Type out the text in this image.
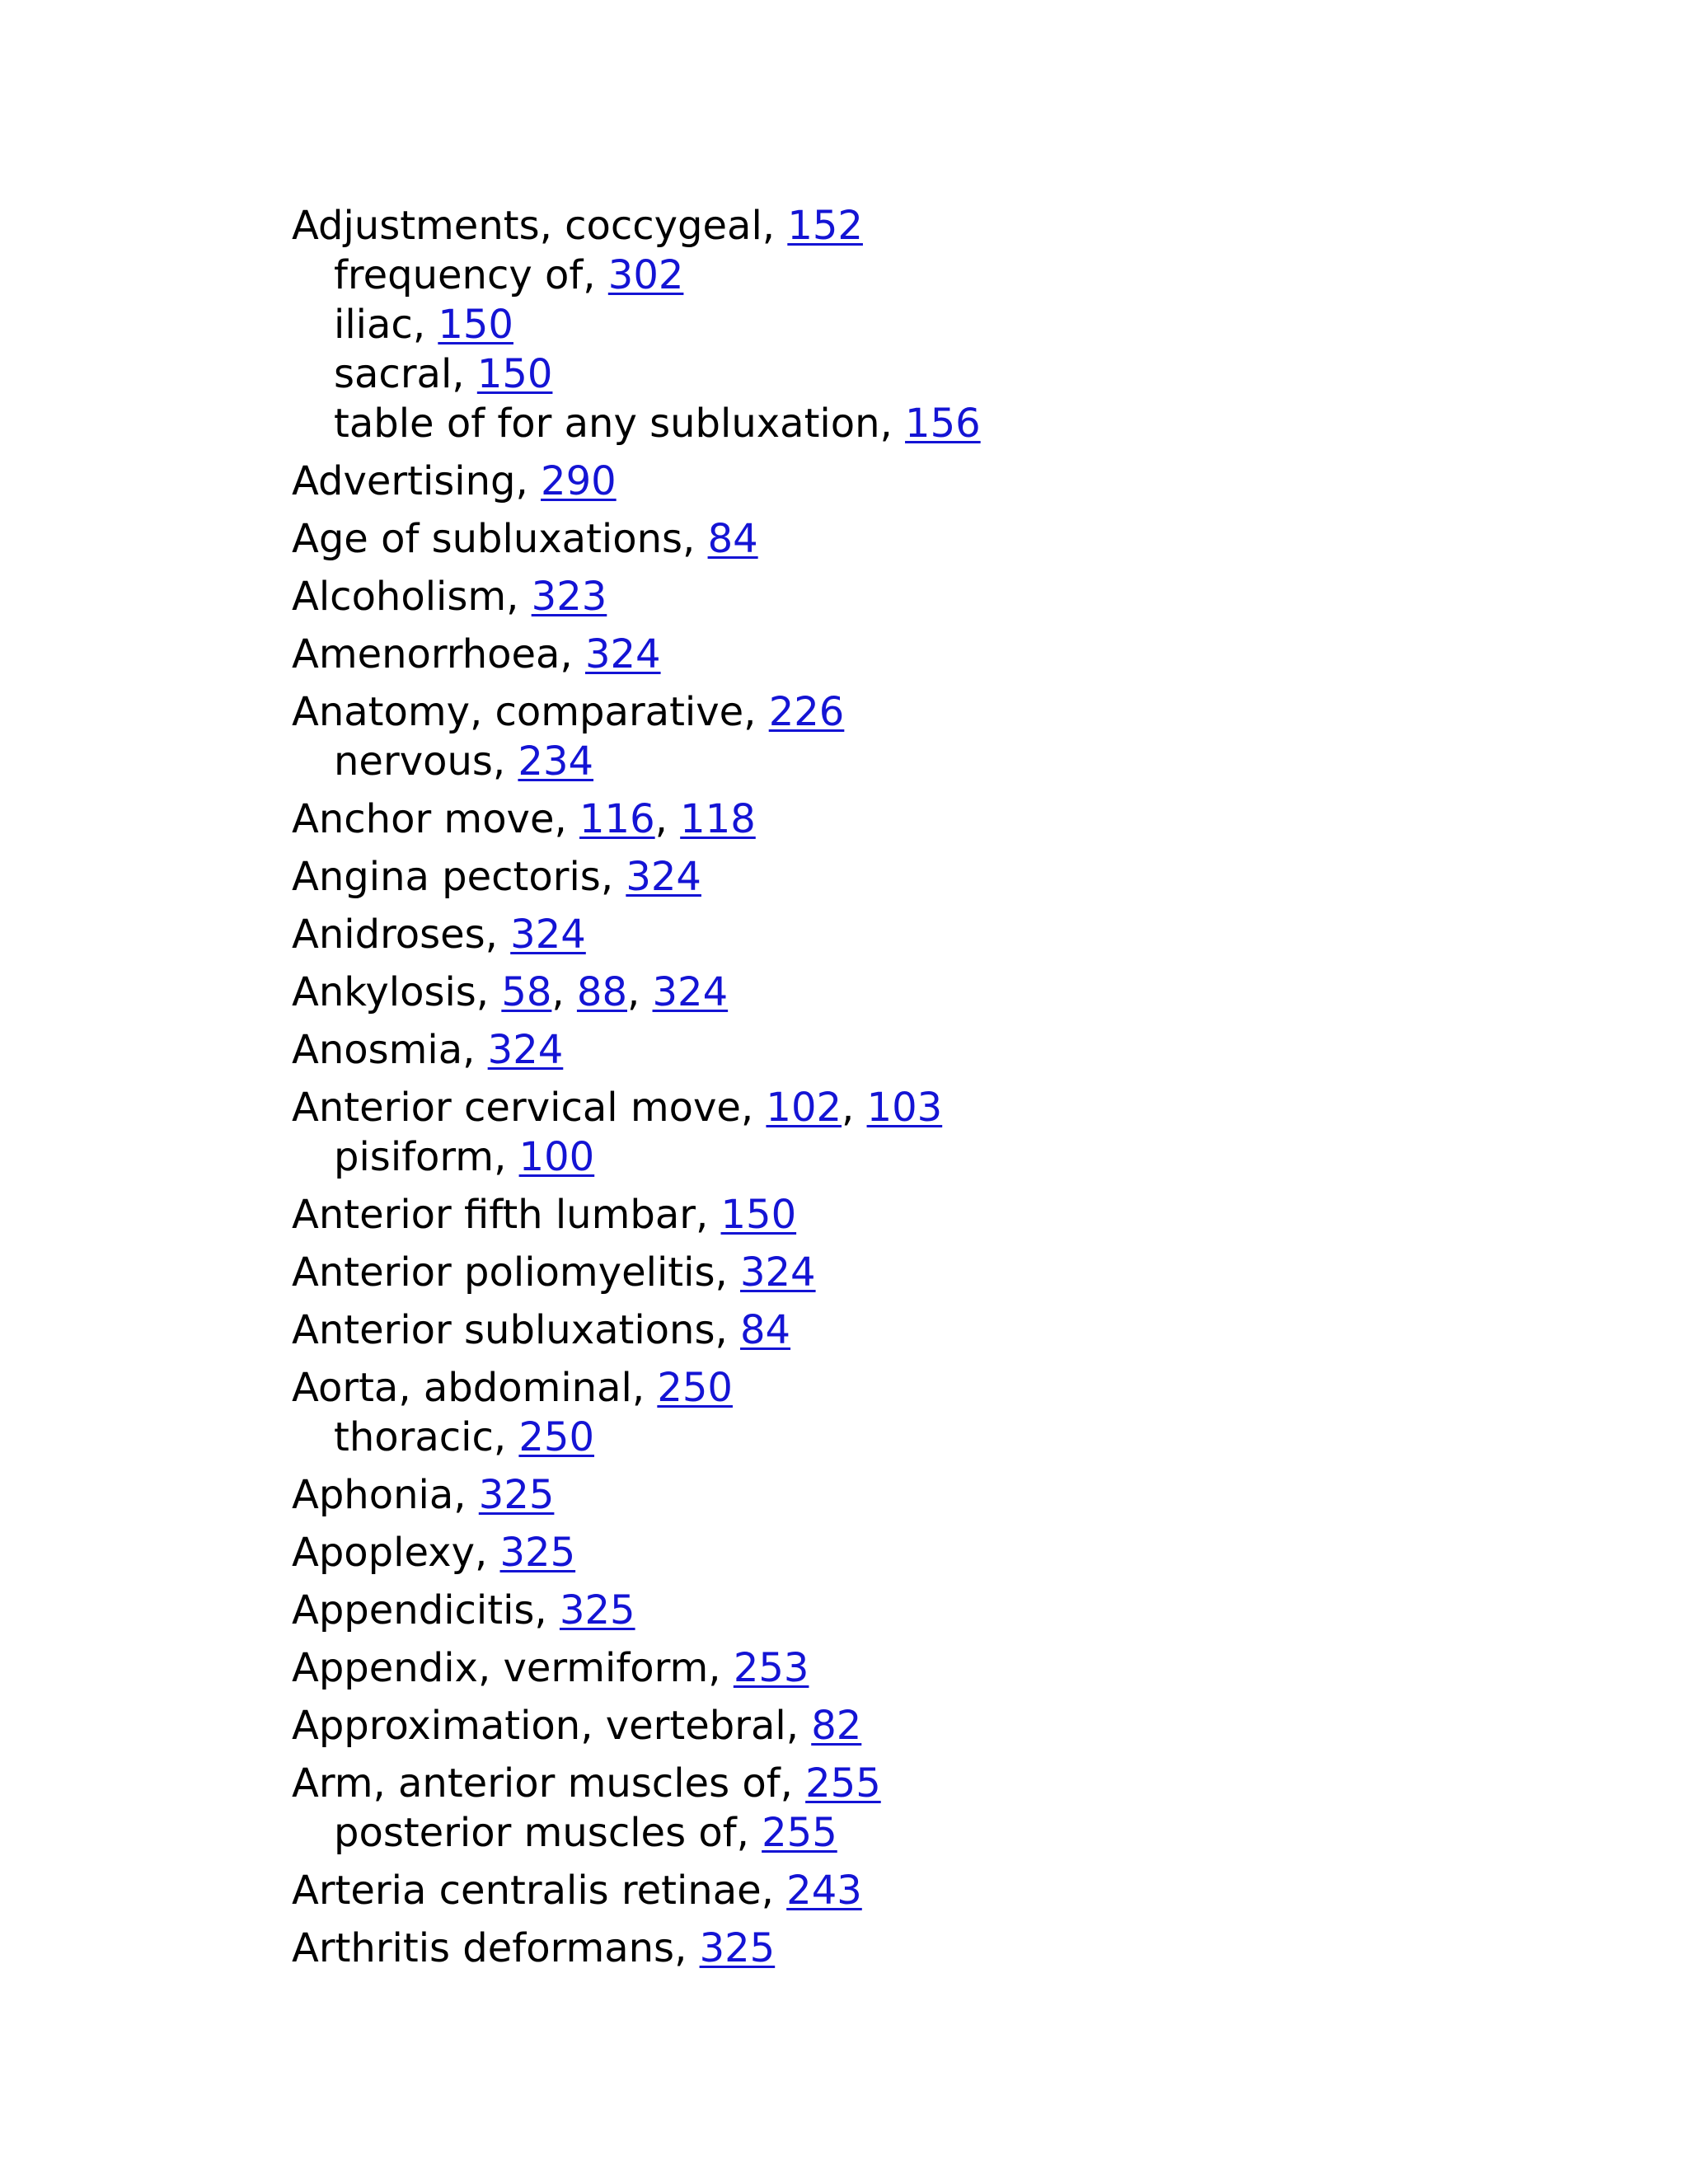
Adjustments, coccygeal, 152
frequency of, 302
iliac, 150
sacral, 150
table of for any subluxation, 156
Advertising, 290
Age of subluxations, 84
Alcoholism, 323
Amenorrhoea, 324
Anatomy, comparative, 226
nervous, 234
Anchor move, 116, 118
Angina pectoris, 324
Anidroses, 324
Ankylosis, 58, 88, 324
Anosmia, 324
Anterior cervical move, 102, 103
pisiform, 100
Anterior fifth lumbar, 150
Anterior poliomyelitis, 324
Anterior subluxations, 84
Aorta, abdominal, 250
thoracic, 250
Aphonia, 325
Apoplexy, 325
Appendicitis, 325
Appendix, vermiform, 253
Approximation, vertebral, 82
Arm, anterior muscles of, 255
posterior muscles of, 255
Arteria centralis retinae, 243
Arthritis deformans, 325
